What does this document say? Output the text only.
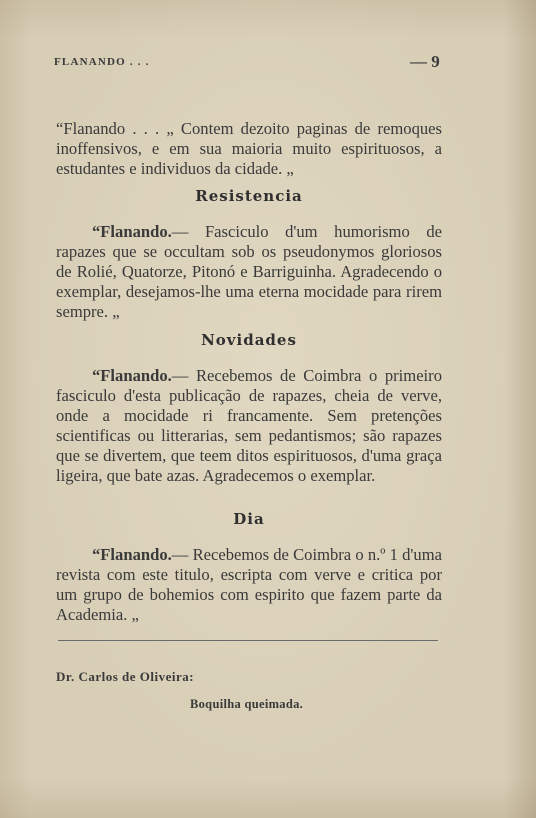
FLANANDO . . .	— 9

“Flanando . . . „ Contem dezoito paginas de remoques inoffensivos, e em sua maioria muito espirituosos, a estudantes e individuos da cidade. „

Resistencia

“Flanando.— Fasciculo d'um humorismo de rapazes que se occultam sob os pseudonymos gloriosos de Rolié, Quatorze, Pitonó e Barriguinha. Agradecendo o exemplar, desejamos-lhe uma eterna mocidade para rirem sempre. „

Novidades

“Flanando.— Recebemos de Coimbra o primeiro fasciculo d'esta publicação de rapazes, cheia de verve, onde a mocidade ri francamente. Sem pretenções scientificas ou litterarias, sem pedantismos; são rapazes que se divertem, que teem ditos espirituosos, d'uma graça ligeira, que bate azas. Agradecemos o exemplar.

Dia

“Flanando.— Recebemos de Coimbra o n.º 1 d'uma revista com este titulo, escripta com verve e critica por um grupo de bohemios com espirito que fazem parte da Academia. „

Dr. Carlos de Oliveira:
Boquilha queimada.
